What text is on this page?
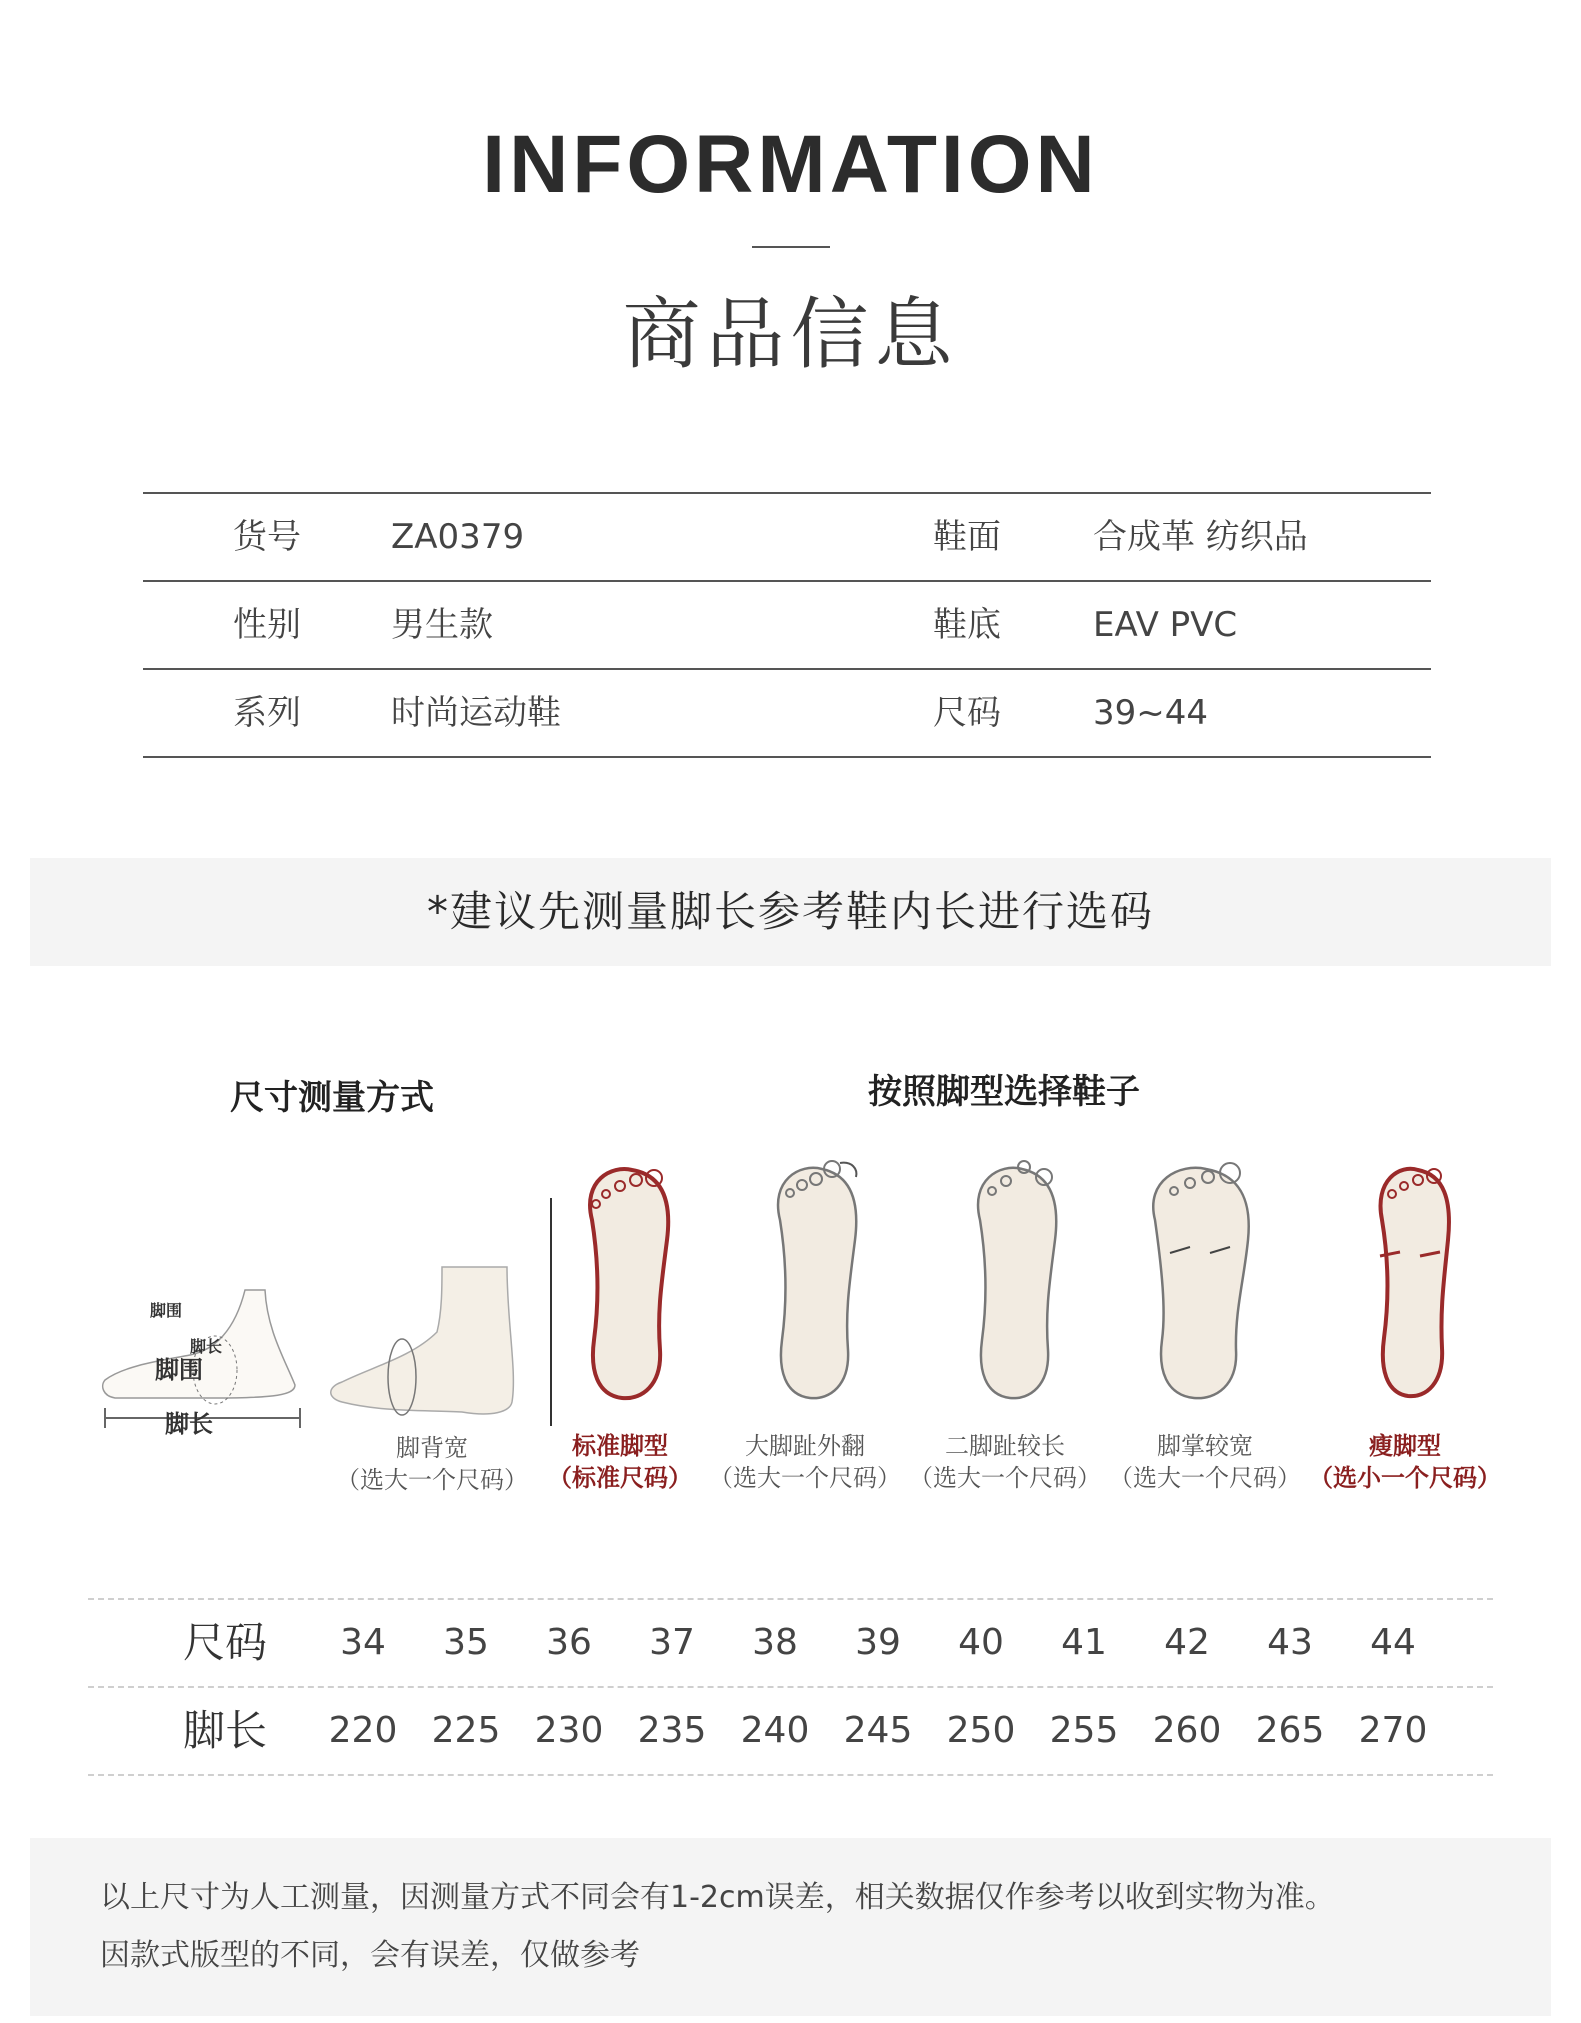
INFORMATION
商品信息
货号	ZA0379	鞋面	合成革 纺织品
性别	男生款	鞋底	EAV PVC
系列	时尚运动鞋	尺码	39~44
*建议先测量脚长参考鞋内长进行选码
尺寸测量方式	按照脚型选择鞋子
脚围
脚长
脚围
脚长
脚背宽
（选大一个尺码）
标准脚型
（标准尺码）
大脚趾外翻
（选大一个尺码）
二脚趾较长
（选大一个尺码）
脚掌较宽
（选大一个尺码）
瘦脚型
（选小一个尺码）
尺码	34	35	36	37	38	39	40	41	42	43	44
脚长 220 225 230 235 240 245 250 255 260 265 270
以上尺寸为人工测量，因测量方式不同会有1-2cm误差，相关数据仅作参考以收到实物为准。
因款式版型的不同，会有误差，仅做参考
